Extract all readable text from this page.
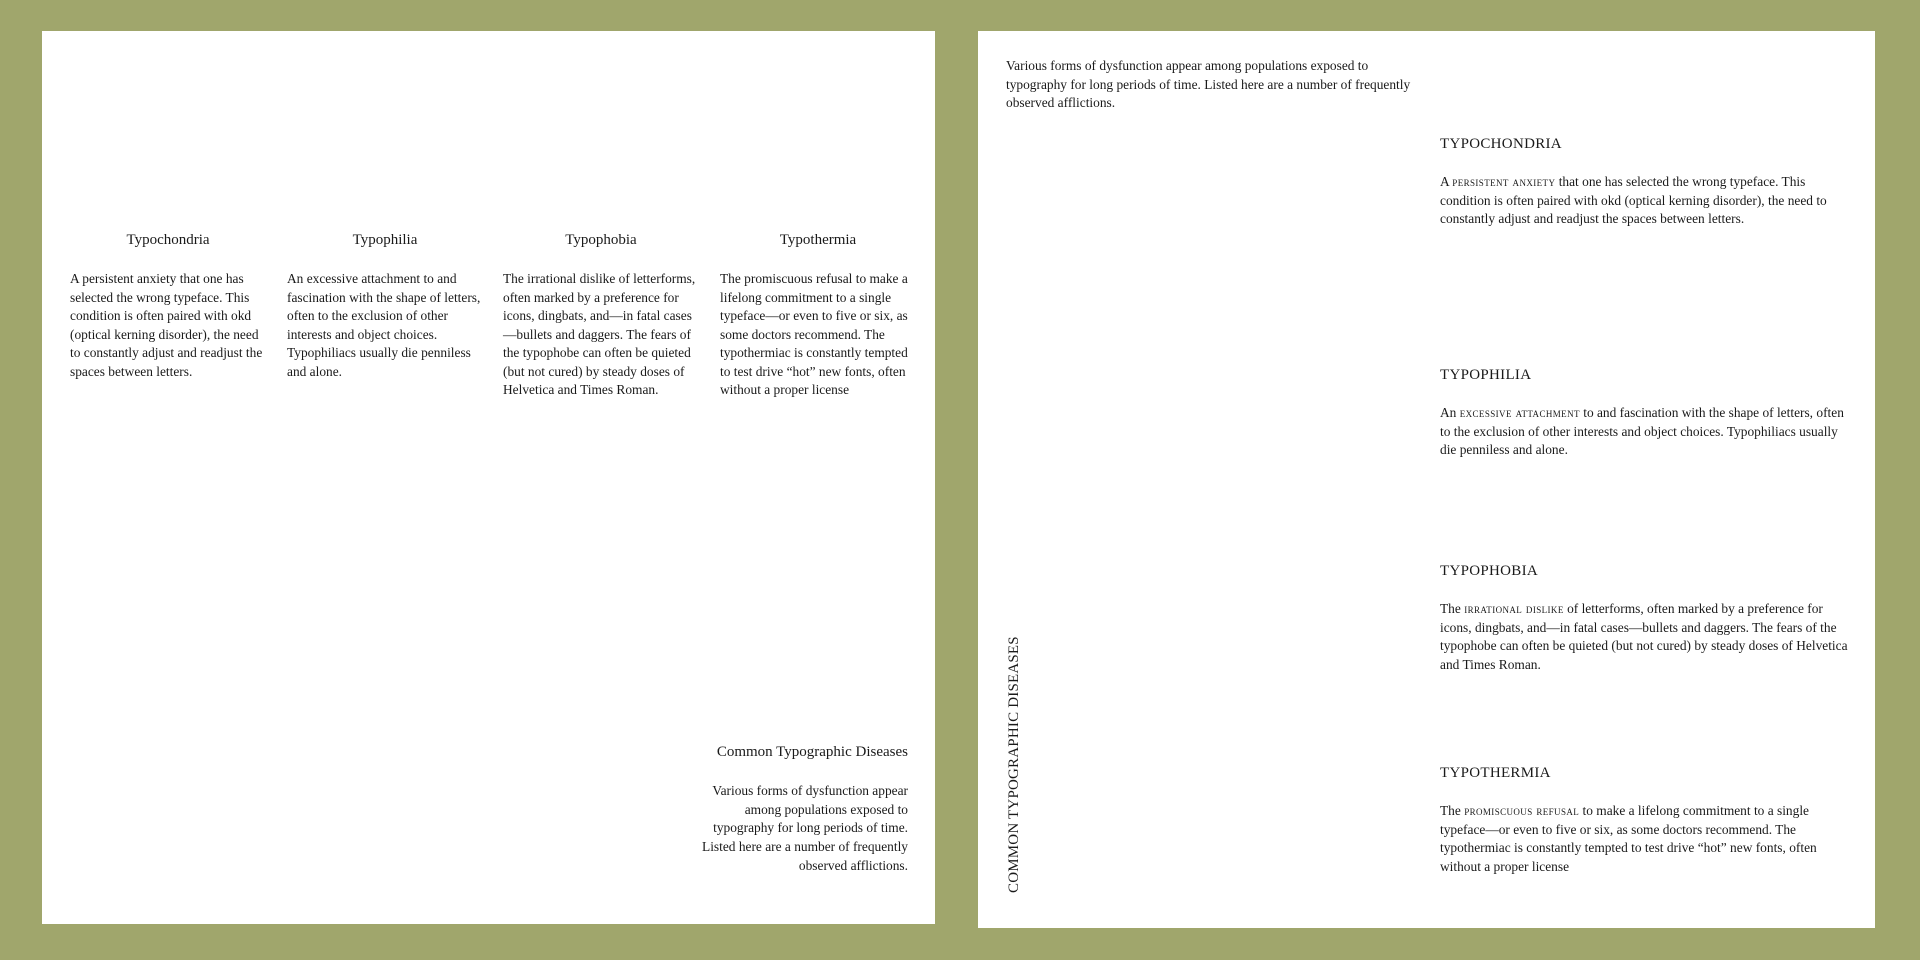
Typochondria

A persistent anxiety that one has selected the wrong typeface. This condition is often paired with okd (optical kerning disorder), the need to constantly adjust and readjust the spaces between letters.

Typophilia

An excessive attachment to and fascination with the shape of letters, often to the exclusion of other interests and object choices. Typophiliacs usually die penniless and alone.

Typophobia

The irrational dislike of letterforms, often marked by a preference for icons, dingbats, and—in fatal cases—bullets and daggers. The fears of the typophobe can often be quieted (but not cured) by steady doses of Helvetica and Times Roman.

Typothermia

The promiscuous refusal to make a lifelong commitment to a single typeface—or even to five or six, as some doctors recommend. The typothermiac is constantly tempted to test drive “hot” new fonts, often without a proper license

Common Typographic Diseases

Various forms of dysfunction appear among populations exposed to typography for long periods of time. Listed here are a number of frequently observed afflictions.

Various forms of dysfunction appear among populations exposed to typography for long periods of time. Listed here are a number of frequently observed afflictions.

COMMON TYPOGRAPHIC DISEASES

TYPOCHONDRIA

A persistent anxiety that one has selected the wrong typeface. This condition is often paired with okd (optical kerning disorder), the need to constantly adjust and readjust the spaces between letters.

TYPOPHILIA

An excessive attachment to and fascination with the shape of letters, often to the exclusion of other interests and object choices. Typophiliacs usually die penniless and alone.

TYPOPHOBIA

The irrational dislike of letterforms, often marked by a preference for icons, dingbats, and—in fatal cases—bullets and daggers. The fears of the typophobe can often be quieted (but not cured) by steady doses of Helvetica and Times Roman.

TYPOTHERMIA

The promiscuous refusal to make a lifelong commitment to a single typeface—or even to five or six, as some doctors recommend. The typothermiac is constantly tempted to test drive “hot” new fonts, often without a proper license
